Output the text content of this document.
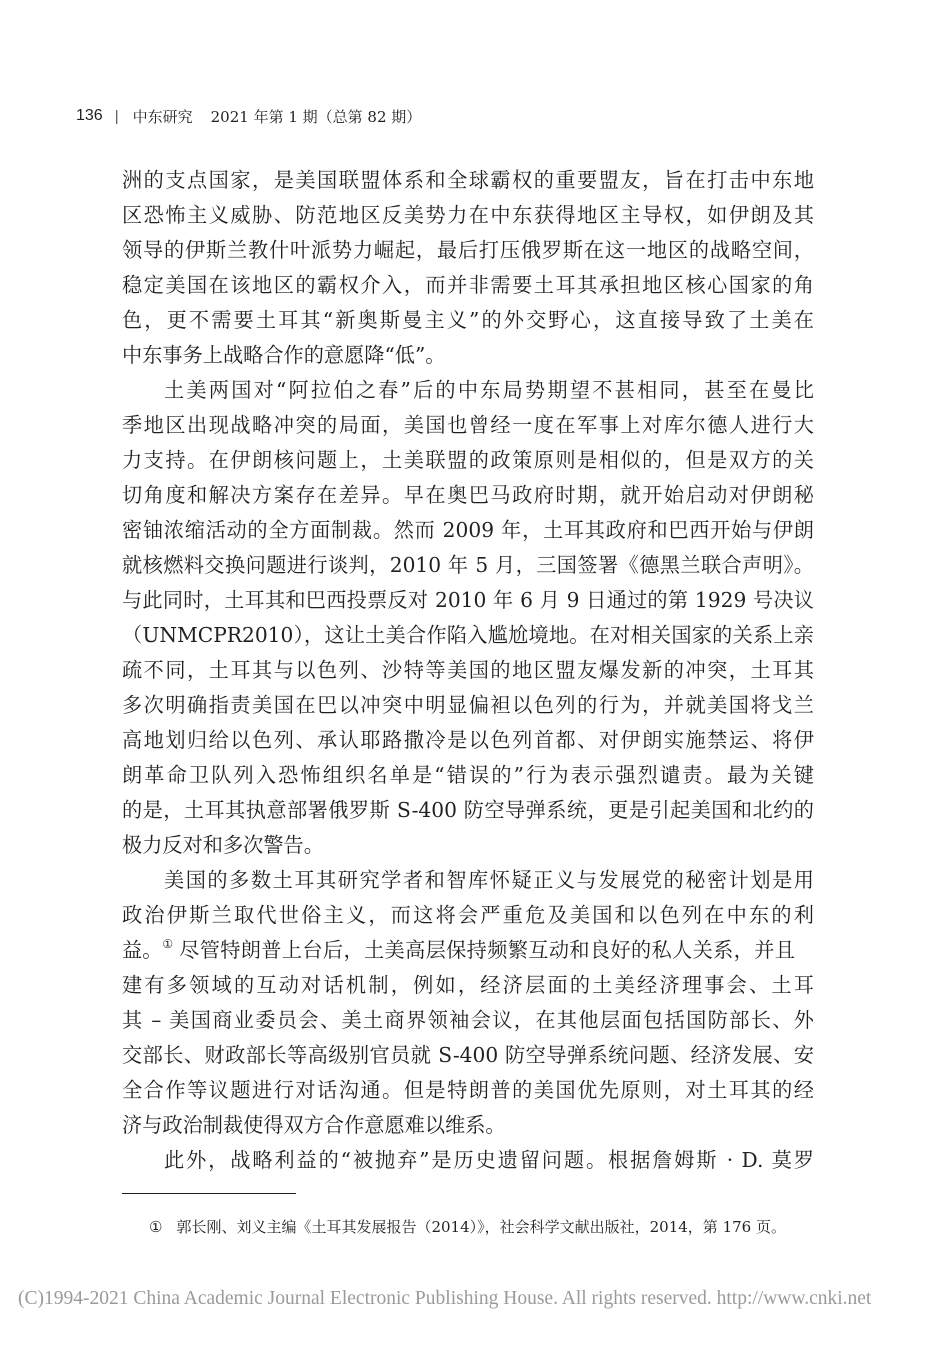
136 | 中东研究 2021 年第 1 期（总第 82 期）
洲的支点国家，是美国联盟体系和全球霸权的重要盟友，旨在打击中东地
区恐怖主义威胁、防范地区反美势力在中东获得地区主导权，如伊朗及其
领导的伊斯兰教什叶派势力崛起，最后打压俄罗斯在这一地区的战略空间，
稳定美国在该地区的霸权介入，而并非需要土耳其承担地区核心国家的角
色，更不需要土耳其“新奥斯曼主义”的外交野心，这直接导致了土美在
中东事务上战略合作的意愿降“低”。
土美两国对“阿拉伯之春”后的中东局势期望不甚相同，甚至在曼比
季地区出现战略冲突的局面，美国也曾经一度在军事上对库尔德人进行大
力支持。在伊朗核问题上，土美联盟的政策原则是相似的，但是双方的关
切角度和解决方案存在差异。早在奥巴马政府时期，就开始启动对伊朗秘
密铀浓缩活动的全方面制裁。然而 2009 年，土耳其政府和巴西开始与伊朗
就核燃料交换问题进行谈判，2010 年 5 月，三国签署《德黑兰联合声明》。
与此同时，土耳其和巴西投票反对 2010 年 6 月 9 日通过的第 1929 号决议
（UNMCPR2010），这让土美合作陷入尴尬境地。在对相关国家的关系上亲
疏不同，土耳其与以色列、沙特等美国的地区盟友爆发新的冲突，土耳其
多次明确指责美国在巴以冲突中明显偏袒以色列的行为，并就美国将戈兰
高地划归给以色列、承认耶路撒冷是以色列首都、对伊朗实施禁运、将伊
朗革命卫队列入恐怖组织名单是“错误的”行为表示强烈谴责。最为关键
的是，土耳其执意部署俄罗斯 S-400 防空导弹系统，更是引起美国和北约的
极力反对和多次警告。
美国的多数土耳其研究学者和智库怀疑正义与发展党的秘密计划是用
政治伊斯兰取代世俗主义，而这将会严重危及美国和以色列在中东的利
益。① 尽管特朗普上台后，土美高层保持频繁互动和良好的私人关系，并且
建有多领域的互动对话机制，例如，经济层面的土美经济理事会、土耳
其 – 美国商业委员会、美土商界领袖会议，在其他层面包括国防部长、外
交部长、财政部长等高级别官员就 S-400 防空导弹系统问题、经济发展、安
全合作等议题进行对话沟通。但是特朗普的美国优先原则，对土耳其的经
济与政治制裁使得双方合作意愿难以维系。
此外，战略利益的“被抛弃”是历史遗留问题。根据詹姆斯 · D. 莫罗
① 郭长刚、刘义主编《土耳其发展报告（2014）》，社会科学文献出版社，2014，第 176 页。
(C)1994-2021 China Academic Journal Electronic Publishing House. All rights reserved. http://www.cnki.net
